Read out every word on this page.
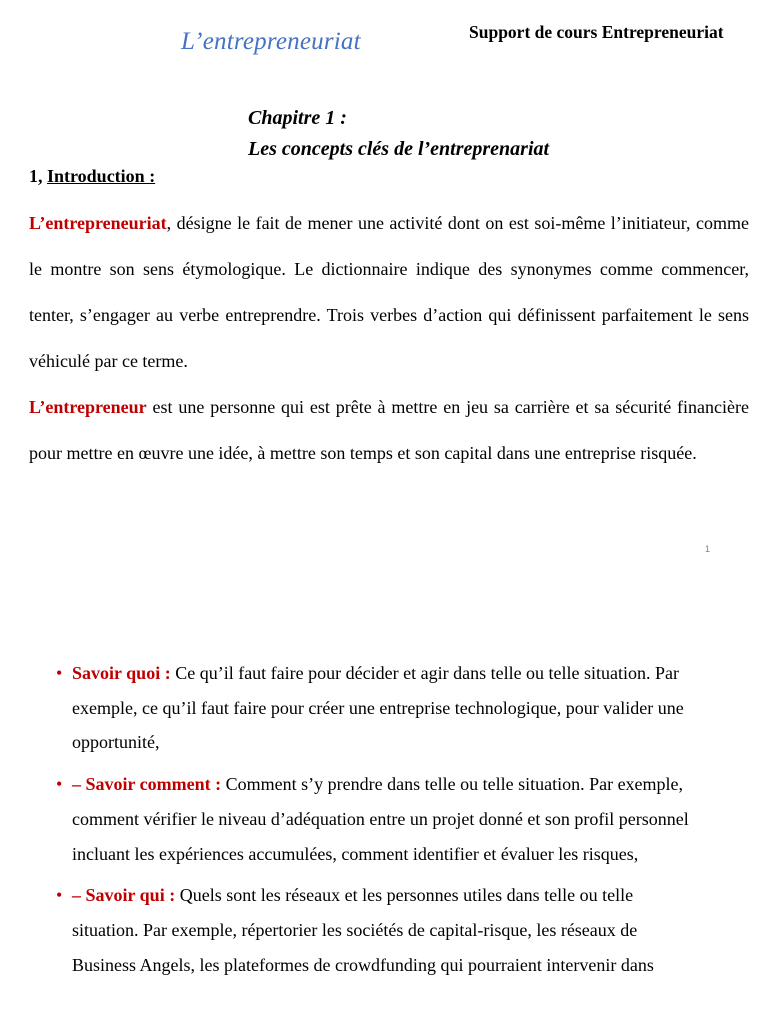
L’entrepreneuriat	Support de cours Entrepreneuriat
Chapitre 1 :
Les concepts clés de l’entreprenariat
1, Introduction :

L’entrepreneuriat, désigne le fait de mener une activité dont on est soi-même l’initiateur, comme le montre son sens étymologique. Le dictionnaire indique des synonymes comme commencer, tenter, s’engager au verbe entreprendre. Trois verbes d’action qui définissent parfaitement le sens véhiculé par ce terme.

L’entrepreneur est une personne qui est prête à mettre en jeu sa carrière et sa sécurité financière pour mettre en œuvre une idée, à mettre son temps et son capital dans une entreprise risquée.

1
• Savoir quoi : Ce qu’il faut faire pour décider et agir dans telle ou telle situation. Par exemple, ce qu’il faut faire pour créer une entreprise technologique, pour valider une opportunité,
• – Savoir comment : Comment s’y prendre dans telle ou telle situation. Par exemple, comment vérifier le niveau d’adéquation entre un projet donné et son profil personnel incluant les expériences accumulées, comment identifier et évaluer les risques,
• – Savoir qui : Quels sont les réseaux et les personnes utiles dans telle ou telle situation. Par exemple, répertorier les sociétés de capital-risque, les réseaux de Business Angels, les plateformes de crowdfunding qui pourraient intervenir dans
